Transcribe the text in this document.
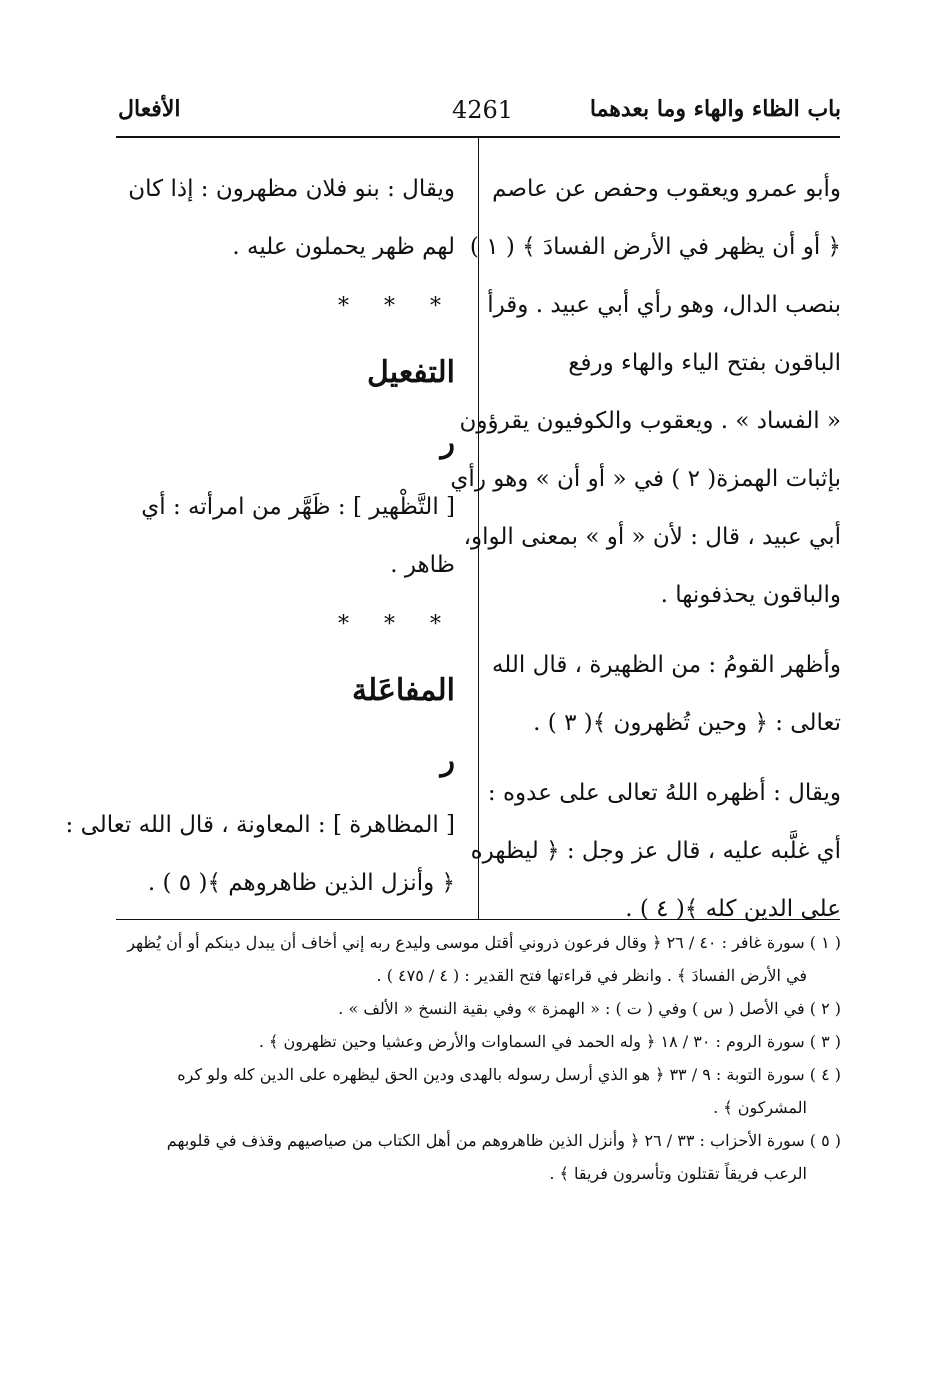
باب الظاء والهاء وما بعدهما
4261
الأفعال
وأبو عمرو ويعقوب وحفص عن عاصم
﴿ أو أن يظهر في الأرض الفسادَ ﴾ ( ١ )
بنصب الدال، وهو رأي أبي عبيد . وقرأ
الباقون بفتح الياء والهاء ورفع
« الفساد » . ويعقوب والكوفيون يقرؤون
بإثبات الهمزة( ٢ ) في « أو أن » وهو رأي
أبي عبيد ، قال : لأن « أو » بمعنى الواو،
والباقون يحذفونها .
وأظهر القومُ : من الظهيرة ، قال الله
تعالى : ﴿ وحين تُظهرون ﴾( ٣ ) .
ويقال : أظهره اللهُ تعالى على عدوه :
أي غلَّبه عليه ، قال عز وجل : ﴿ ليظهره
على الدين كله ﴾( ٤ ) .
ويقال : بنو فلان مظهرون : إذا كان
لهم ظهر يحملون عليه .
* * *
التفعيل
ر
[ التَّظْهير ] : ظَهَّر من امرأته : أي
ظاهر .
* * *
المفاعَلة
ر
[ المظاهرة ] : المعاونة ، قال الله تعالى :
﴿ وأنزل الذين ظاهروهم ﴾( ٥ ) .

( ١ ) سورة غافر : ٤٠ / ٢٦ ﴿ وقال فرعون ذروني أقتل موسى وليدع ربه إني أخاف أن يبدل دينكم أو أن يُظهر
في الأرض الفسادَ ﴾ . وانظر في قراءتها فتح القدير : ( ٤ / ٤٧٥ ) .

( ٢ ) في الأصل ( س ) وفي ( ت ) : « الهمزة » وفي بقية النسخ « الألف » .

( ٣ ) سورة الروم : ٣٠ / ١٨ ﴿ وله الحمد في السماوات والأرض وعشيا وحين تظهرون ﴾ .

( ٤ ) سورة التوبة : ٩ / ٣٣ ﴿ هو الذي أرسل رسوله بالهدى ودين الحق ليظهره على الدين كله ولو كره
المشركون ﴾ .

( ٥ ) سورة الأحزاب : ٣٣ / ٢٦ ﴿ وأنزل الذين ظاهروهم من أهل الكتاب من صياصيهم وقذف في قلوبهم
الرعب فريقاً تقتلون وتأسرون فريقا ﴾ .
